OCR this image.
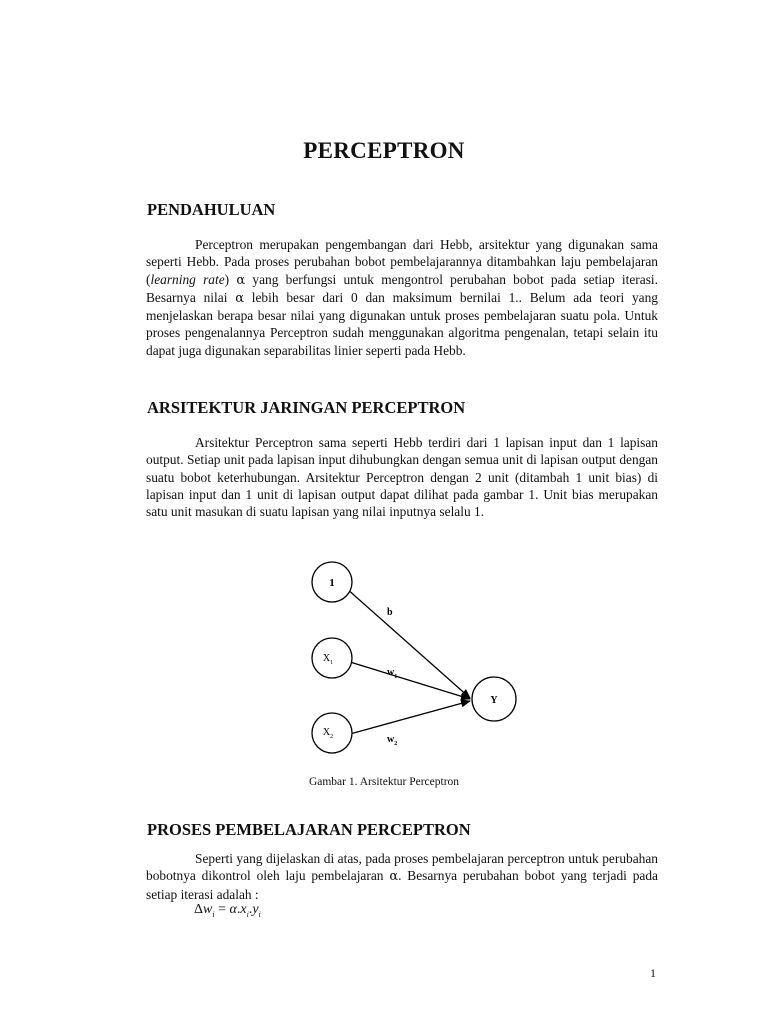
PERCEPTRON
PENDAHULUAN

Perceptron merupakan pengembangan dari Hebb, arsitektur yang digunakan sama seperti Hebb. Pada proses perubahan bobot pembelajarannya ditambahkan laju pembelajaran (learning rate) α yang berfungsi untuk mengontrol perubahan bobot pada setiap iterasi. Besarnya nilai α lebih besar dari 0 dan maksimum bernilai 1.. Belum ada teori yang menjelaskan berapa besar nilai yang digunakan untuk proses pembelajaran suatu pola. Untuk proses pengenalannya Perceptron sudah menggunakan algoritma pengenalan, tetapi selain itu dapat juga digunakan separabilitas linier seperti pada Hebb.

ARSITEKTUR JARINGAN PERCEPTRON

Arsitektur Perceptron sama seperti Hebb terdiri dari 1 lapisan input dan 1 lapisan output. Setiap unit pada lapisan input dihubungkan dengan semua unit di lapisan output dengan suatu bobot keterhubungan. Arsitektur Perceptron dengan 2 unit (ditambah 1 unit bias) di lapisan input dan 1 unit di lapisan output dapat dilihat pada gambar 1. Unit bias merupakan satu unit masukan di suatu lapisan yang nilai inputnya selalu 1.

1
$X_1$
$X_2$
Y
b
$w_1$
$w_2$
Gambar 1. Arsitektur Perceptron
PROSES PEMBELAJARAN PERCEPTRON

Seperti yang dijelaskan di atas, pada proses pembelajaran perceptron untuk perubahan bobotnya dikontrol oleh laju pembelajaran α. Besarnya perubahan bobot yang terjadi pada setiap iterasi adalah :

$\Delta w_i = \alpha.x_i.y_i$
1
